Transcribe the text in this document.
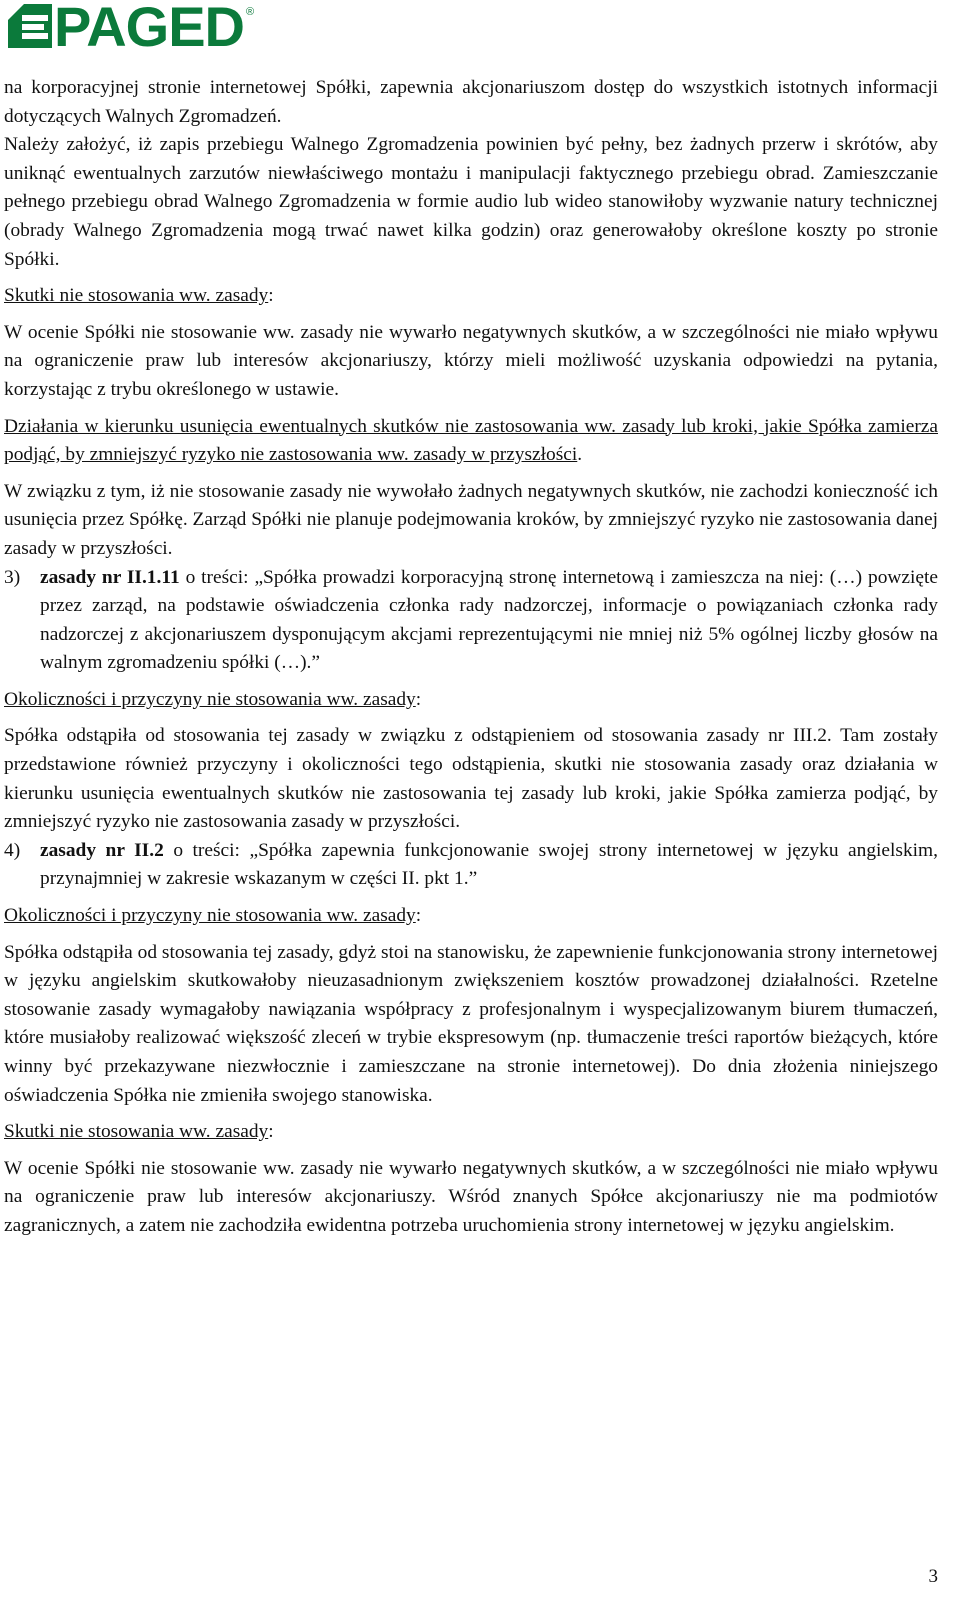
PAGED ®

na korporacyjnej stronie internetowej Spółki, zapewnia akcjonariuszom dostęp do wszystkich istotnych informacji dotyczących Walnych Zgromadzeń.

Należy założyć, iż zapis przebiegu Walnego Zgromadzenia powinien być pełny, bez żadnych przerw i skrótów, aby uniknąć ewentualnych zarzutów niewłaściwego montażu i manipulacji faktycznego przebiegu obrad. Zamieszczanie pełnego przebiegu obrad Walnego Zgromadzenia w formie audio lub wideo stanowiłoby wyzwanie natury technicznej (obrady Walnego Zgromadzenia mogą trwać nawet kilka godzin) oraz generowałoby określone koszty po stronie Spółki.

Skutki nie stosowania ww. zasady:

W ocenie Spółki nie stosowanie ww. zasady nie wywarło negatywnych skutków, a w szczególności nie miało wpływu na ograniczenie praw lub interesów akcjonariuszy, którzy mieli możliwość uzyskania odpowiedzi na pytania, korzystając z trybu określonego w ustawie.

Działania w kierunku usunięcia ewentualnych skutków nie zastosowania ww. zasady lub kroki, jakie Spółka zamierza podjąć, by zmniejszyć ryzyko nie zastosowania ww. zasady w przyszłości.

W związku z tym, iż nie stosowanie zasady nie wywołało żadnych negatywnych skutków, nie zachodzi konieczność ich usunięcia przez Spółkę. Zarząd Spółki nie planuje podejmowania kroków, by zmniejszyć ryzyko nie zastosowania danej zasady w przyszłości.

3)	zasady nr II.1.11 o treści: „Spółka prowadzi korporacyjną stronę internetową i zamieszcza na niej: (…) powzięte przez zarząd, na podstawie oświadczenia członka rady nadzorczej, informacje o powiązaniach członka rady nadzorczej z akcjonariuszem dysponującym akcjami reprezentującymi nie mniej niż 5% ogólnej liczby głosów na walnym zgromadzeniu spółki (…).”

Okoliczności i przyczyny nie stosowania ww. zasady:

Spółka odstąpiła od stosowania tej zasady w związku z odstąpieniem od stosowania zasady nr III.2. Tam zostały przedstawione również przyczyny i okoliczności tego odstąpienia, skutki nie stosowania zasady oraz działania w kierunku usunięcia ewentualnych skutków nie zastosowania tej zasady lub kroki, jakie Spółka zamierza podjąć, by zmniejszyć ryzyko nie zastosowania zasady w przyszłości.

4)	zasady nr II.2 o treści: „Spółka zapewnia funkcjonowanie swojej strony internetowej w języku angielskim, przynajmniej w zakresie wskazanym w części II. pkt 1.”

Okoliczności i przyczyny nie stosowania ww. zasady:

Spółka odstąpiła od stosowania tej zasady, gdyż stoi na stanowisku, że zapewnienie funkcjonowania strony internetowej w języku angielskim skutkowałoby nieuzasadnionym zwiększeniem kosztów prowadzonej działalności. Rzetelne stosowanie zasady wymagałoby nawiązania współpracy z profesjonalnym i wyspecjalizowanym biurem tłumaczeń, które musiałoby realizować większość zleceń w trybie ekspresowym (np. tłumaczenie treści raportów bieżących, które winny być przekazywane niezwłocznie i zamieszczane na stronie internetowej). Do dnia złożenia niniejszego oświadczenia Spółka nie zmieniła swojego stanowiska.

Skutki nie stosowania ww. zasady:

W ocenie Spółki nie stosowanie ww. zasady nie wywarło negatywnych skutków, a w szczególności nie miało wpływu na ograniczenie praw lub interesów akcjonariuszy. Wśród znanych Spółce akcjonariuszy nie ma podmiotów zagranicznych, a zatem nie zachodziła ewidentna potrzeba uruchomienia strony internetowej w języku angielskim.

3
